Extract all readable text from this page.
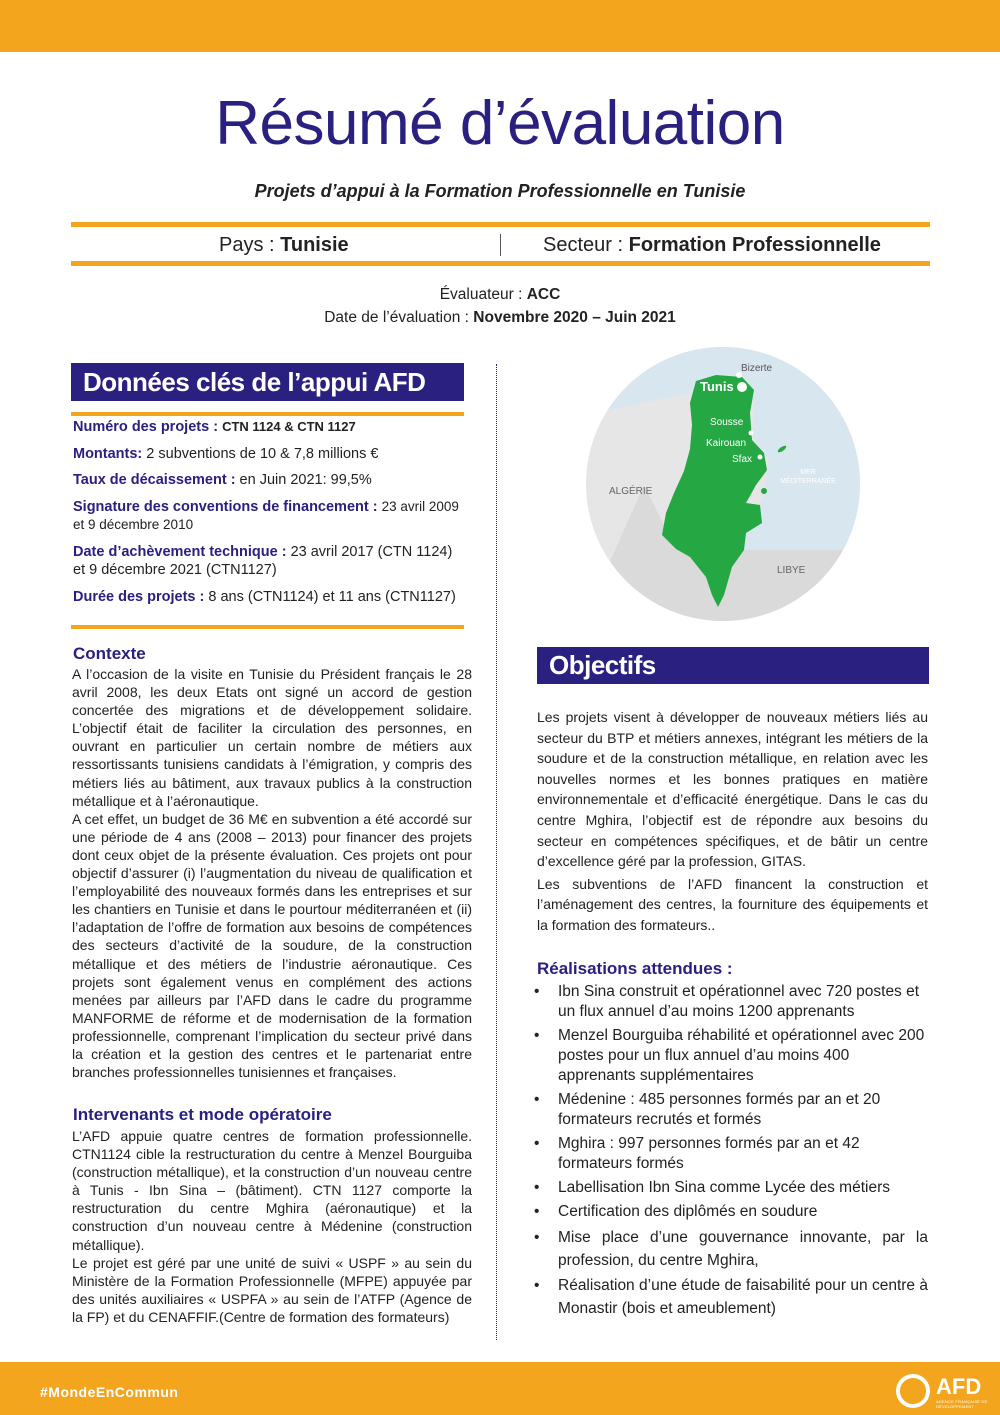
Résumé d’évaluation
Projets d’appui à la Formation Professionnelle en Tunisie
Pays : Tunisie	Secteur : Formation Professionnelle
Évaluateur : ACC
Date de l’évaluation : Novembre 2020 – Juin 2021
Données clés de l’appui AFD
Numéro des projets : CTN 1124 & CTN 1127
Montants: 2 subventions de 10 & 7,8 millions €
Taux de décaissement : en Juin 2021: 99,5%
Signature des conventions de financement : 23 avril 2009 et 9 décembre 2010
Date d’achèvement technique : 23 avril 2017 (CTN 1124) et 9 décembre 2021 (CTN1127)
Durée des projets : 8 ans (CTN1124) et 11 ans (CTN1127)
Contexte

A l’occasion de la visite en Tunisie du Président français le 28 avril 2008, les deux Etats ont signé un accord de gestion concertée des migrations et de développement solidaire. L’objectif était de faciliter la circulation des personnes, en ouvrant en particulier un certain nombre de métiers aux ressortissants tunisiens candidats à l’émigration, y compris des métiers liés au bâtiment, aux travaux publics à la construction métallique et à l’aéronautique.

A cet effet, un budget de 36 M€ en subvention a été accordé sur une période de 4 ans (2008 – 2013) pour financer des projets dont ceux objet de la présente évaluation. Ces projets ont pour objectif d’assurer (i) l’augmentation du niveau de qualification et l’employabilité des nouveaux formés dans les entreprises et sur les chantiers en Tunisie et dans le pourtour méditerranéen et (ii) l’adaptation de l’offre de formation aux besoins de compétences des secteurs d’activité de la soudure, de la construction métallique et des métiers de l’industrie aéronautique. Ces projets sont également venus en complément des actions menées par ailleurs par l’AFD dans le cadre du programme MANFORME de réforme et de modernisation de la formation professionnelle, comprenant l’implication du secteur privé dans la création et la gestion des centres et le partenariat entre branches professionnelles tunisiennes et françaises.

Intervenants et mode opératoire

L’AFD appuie quatre centres de formation professionnelle. CTN1124 cible la restructuration du centre à Menzel Bourguiba (construction métallique), et la construction d’un nouveau centre à Tunis - Ibn Sina – (bâtiment). CTN 1127 comporte la restructuration du centre Mghira (aéronautique) et la construction d’un nouveau centre à Médenine (construction métallique).

Le projet est géré par une unité de suivi « USPF » au sein du Ministère de la Formation Professionnelle (MFPE) appuyée par des unités auxiliaires « USPFA » au sein de l’ATFP (Agence de la FP) et du CENAFFIF.(Centre de formation des formateurs)

Bizerte
Tunis
Sousse
Kairouan
Sfax
ALGÉRIE
LIBYE
MER
MÉDITERRANÉE
Objectifs

Les projets visent à développer de nouveaux métiers liés au secteur du BTP et métiers annexes, intégrant les métiers de la soudure et de la construction métallique, en relation avec les nouvelles normes et les bonnes pratiques en matière environnementale et d’efficacité énergétique. Dans le cas du centre Mghira, l’objectif est de répondre aux besoins du secteur en compétences spécifiques, et de bâtir un centre d’excellence géré par la profession, GITAS.

Les subventions de l’AFD financent la construction et l’aménagement des centres, la fourniture des équipements et la formation des formateurs..

Réalisations attendues :
• Ibn Sina construit et opérationnel avec 720 postes et un flux annuel d’au moins 1200 apprenants
• Menzel Bourguiba réhabilité et opérationnel avec 200 postes pour un flux annuel d’au moins 400 apprenants supplémentaires
• Médenine : 485 personnes formés par an et 20 formateurs recrutés et formés
• Mghira : 997 personnes formés par an et 42 formateurs formés
• Labellisation Ibn Sina comme Lycée des métiers
• Certification des diplômés en soudure
• Mise place d’une gouvernance innovante, par la profession, du centre Mghira,
• Réalisation d’une étude de faisabilité pour un centre à Monastir (bois et ameublement)
#MondeEnCommun	AFD
AGENCE FRANÇAISE DE DÉVELOPPEMENT
